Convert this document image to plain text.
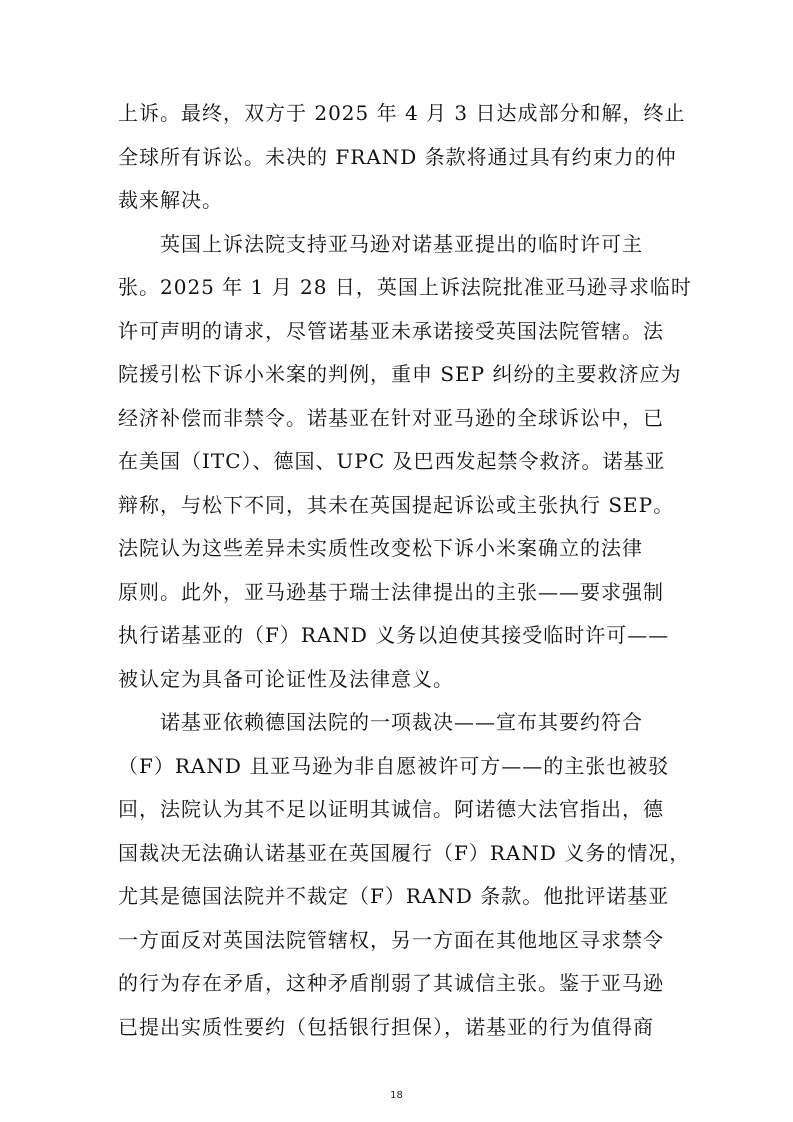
上诉。最终，双方于 2025 年 4 月 3 日达成部分和解，终止
全球所有诉讼。未决的 FRAND 条款将通过具有约束力的仲
裁来解决。
　　英国上诉法院支持亚马逊对诺基亚提出的临时许可主
张。2025 年 1 月 28 日，英国上诉法院批准亚马逊寻求临时
许可声明的请求，尽管诺基亚未承诺接受英国法院管辖。法
院援引松下诉小米案的判例，重申 SEP 纠纷的主要救济应为
经济补偿而非禁令。诺基亚在针对亚马逊的全球诉讼中，已
在美国（ITC）、德国、UPC 及巴西发起禁令救济。诺基亚
辩称，与松下不同，其未在英国提起诉讼或主张执行 SEP。
法院认为这些差异未实质性改变松下诉小米案确立的法律
原则。此外，亚马逊基于瑞士法律提出的主张——要求强制
执行诺基亚的（F）RAND 义务以迫使其接受临时许可——
被认定为具备可论证性及法律意义。
　　诺基亚依赖德国法院的一项裁决——宣布其要约符合
（F）RAND 且亚马逊为非自愿被许可方——的主张也被驳
回，法院认为其不足以证明其诚信。阿诺德大法官指出，德
国裁决无法确认诺基亚在英国履行（F）RAND 义务的情况，
尤其是德国法院并不裁定（F）RAND 条款。他批评诺基亚
一方面反对英国法院管辖权，另一方面在其他地区寻求禁令
的行为存在矛盾，这种矛盾削弱了其诚信主张。鉴于亚马逊
18
已提出实质性要约（包括银行担保），诺基亚的行为值得商
